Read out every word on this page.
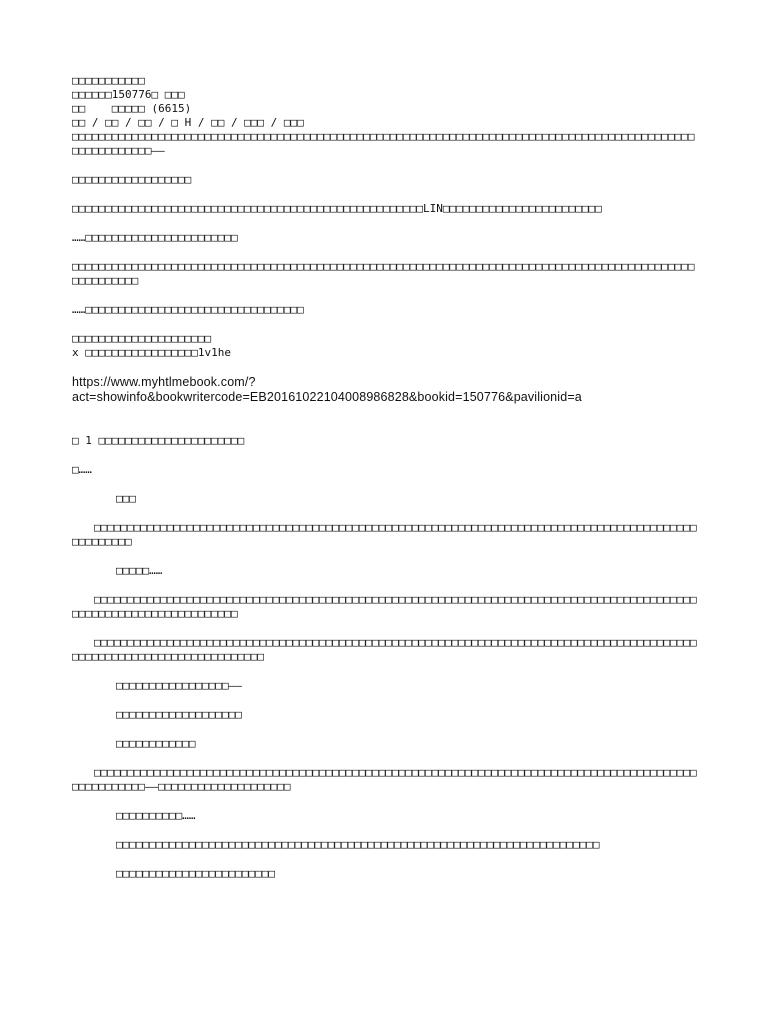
□□□□□□□□□□□
□□□□□□150776□ □□□
□□    □□□□□ (6615)
□□ / □□ / □□ / □ H / □□ / □□□ / □□□
□□□□□□□□□□□□□□□□□□□□□□□□□□□□□□□□□□□□□□□□□□□□□□□□□□□□□□□□□□□□□□□□□□□□□□□□□□□□□□□□□□□□□□□□□□□□□□□□□□□□□□□□□□——
□□□□□□□□□□□□□□□□□□
□□□□□□□□□□□□□□□□□□□□□□□□□□□□□□□□□□□□□□□□□□□□□□□□□□□□□LIN□□□□□□□□□□□□□□□□□□□□□□□□
……□□□□□□□□□□□□□□□□□□□□□□□
□□□□□□□□□□□□□□□□□□□□□□□□□□□□□□□□□□□□□□□□□□□□□□□□□□□□□□□□□□□□□□□□□□□□□□□□□□□□□□□□□□□□□□□□□□□□□□□□□□□□□□□□
……□□□□□□□□□□□□□□□□□□□□□□□□□□□□□□□□□
□□□□□□□□□□□□□□□□□□□□□
x □□□□□□□□□□□□□□□□□1v1he
https://www.myhtlmebook.com/?
act=showinfo&bookwritercode=EB20161022104008986828&bookid=150776&pavilionid=a
□ 1 □□□□□□□□□□□□□□□□□□□□□□
□……
□□□
□□□□□□□□□□□□□□□□□□□□□□□□□□□□□□□□□□□□□□□□□□□□□□□□□□□□□□□□□□□□□□□□□□□□□□□□□□□□□□□□□□□□□□□□□□□□□□□□□□□□
□□□□□……
□□□□□□□□□□□□□□□□□□□□□□□□□□□□□□□□□□□□□□□□□□□□□□□□□□□□□□□□□□□□□□□□□□□□□□□□□□□□□□□□□□□□□□□□□□□□□□□□□□□□□□□□□□□□□□□□□□□□
□□□□□□□□□□□□□□□□□□□□□□□□□□□□□□□□□□□□□□□□□□□□□□□□□□□□□□□□□□□□□□□□□□□□□□□□□□□□□□□□□□□□□□□□□□□□□□□□□□□□□□□□□□□□□□□□□□□□□□□□
□□□□□□□□□□□□□□□□□——
□□□□□□□□□□□□□□□□□□□
□□□□□□□□□□□□
□□□□□□□□□□□□□□□□□□□□□□□□□□□□□□□□□□□□□□□□□□□□□□□□□□□□□□□□□□□□□□□□□□□□□□□□□□□□□□□□□□□□□□□□□□□□□□□□□□□□□□——□□□□□□□□□□□□□□□□□□□□
□□□□□□□□□□……
□□□□□□□□□□□□□□□□□□□□□□□□□□□□□□□□□□□□□□□□□□□□□□□□□□□□□□□□□□□□□□□□□□□□□□□□□
□□□□□□□□□□□□□□□□□□□□□□□□
